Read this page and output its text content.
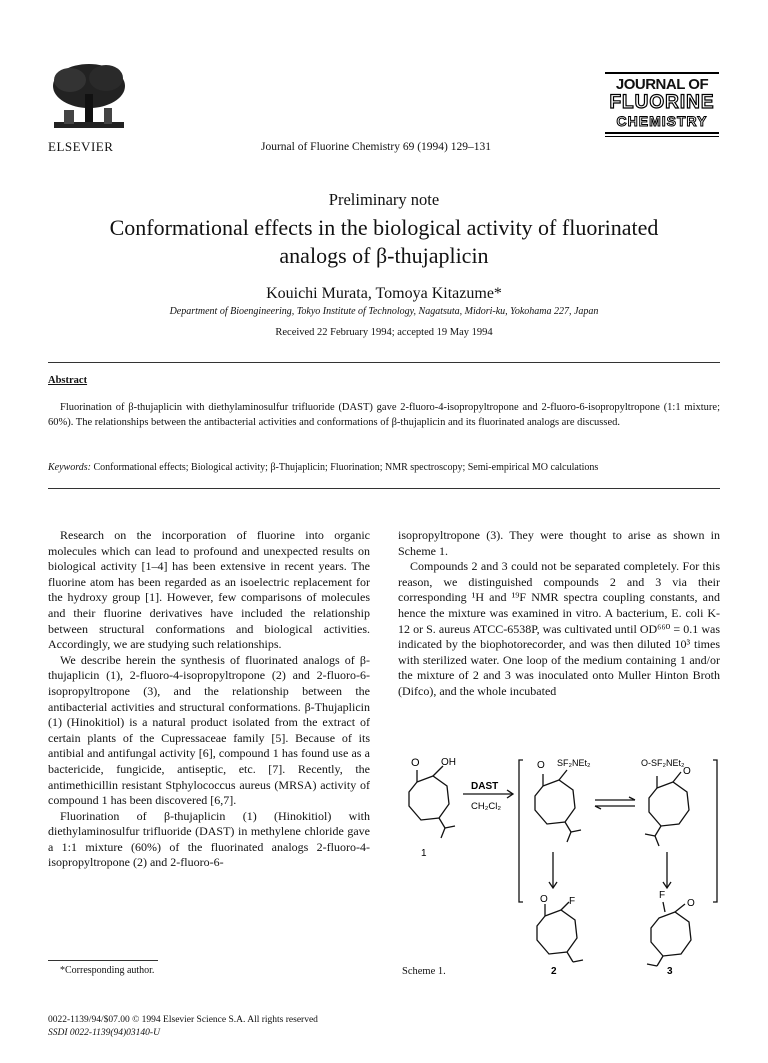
ELSEVIER	Journal of Fluorine Chemistry 69 (1994) 129–131
JOURNAL OF
FLUORINE
CHEMISTRY
Preliminary note
Conformational effects in the biological activity of fluorinated
analogs of β-thujaplicin
Kouichi Murata, Tomoya Kitazume*
Department of Bioengineering, Tokyo Institute of Technology, Nagatsuta, Midori-ku, Yokohama 227, Japan
Received 22 February 1994; accepted 19 May 1994
Abstract
Fluorination of β-thujaplicin with diethylaminosulfur trifluoride (DAST) gave 2-fluoro-4-isopropyltropone and 2-fluoro-6-isopropyltropone (1:1 mixture; 60%). The relationships between the antibacterial activities and conformations of β-thujaplicin and its fluorinated analogs are discussed.
Keywords: Conformational effects; Biological activity; β-Thujaplicin; Fluorination; NMR spectroscopy; Semi-empirical MO calculations

Research on the incorporation of fluorine into organic molecules which can lead to profound and unexpected results on biological activity [1–4] has been extensive in recent years. The fluorine atom has been regarded as an isoelectric replacement for the hydroxy group [1]. However, few comparisons of molecules and their fluorine derivatives have included the relationship between structural conformations and biological activities. Accordingly, we are studying such relationships.

We describe herein the synthesis of fluorinated analogs of β-thujaplicin (1), 2-fluoro-4-isopropyltropone (2) and 2-fluoro-6-isopropyltropone (3), and the relationship between the antibacterial activities and structural conformations. β-Thujaplicin (1) (Hinokitiol) is a natural product isolated from the extract of certain plants of the Cupressaceae family [5]. Because of its antibial and antifungal activity [6], compound 1 has found use as a bactericide, fungicide, antiseptic, etc. [7]. Recently, the antimethicillin resistant Stphylococcus aureus (MRSA) activity of compound 1 has been discovered [6,7].

Fluorination of β-thujaplicin (1) (Hinokitiol) with diethylaminosulfur trifluoride (DAST) in methylene chloride gave a 1:1 mixture (60%) of the fluorinated analogs 2-fluoro-4-isopropyltropone (2) and 2-fluoro-6-

isopropyltropone (3). They were thought to arise as shown in Scheme 1.

Compounds 2 and 3 could not be separated completely. For this reason, we distinguished compounds 2 and 3 via their corresponding ¹H and ¹⁹F NMR spectra coupling constants, and hence the mixture was examined in vitro. A bacterium, E. coli K-12 or S. aureus ATCC-6538P, was cultivated until OD⁶⁶⁰ = 0.1 was indicated by the biophotorecorder, and was then diluted 10³ times with sterilized water. One loop of the medium containing 1 and/or the mixture of 2 and 3 was inoculated onto Muller Hinton Broth (Difco), and the whole incubated

O OH
DAST
CH₂Cl₂
1
O SF₂NEt₂	O-SF₂NEt₂
O
O F
F
O
2	3
*Corresponding author.	Scheme 1.
0022-1139/94/$07.00 © 1994 Elsevier Science S.A. All rights reserved
SSDI 0022-1139(94)03140-U
